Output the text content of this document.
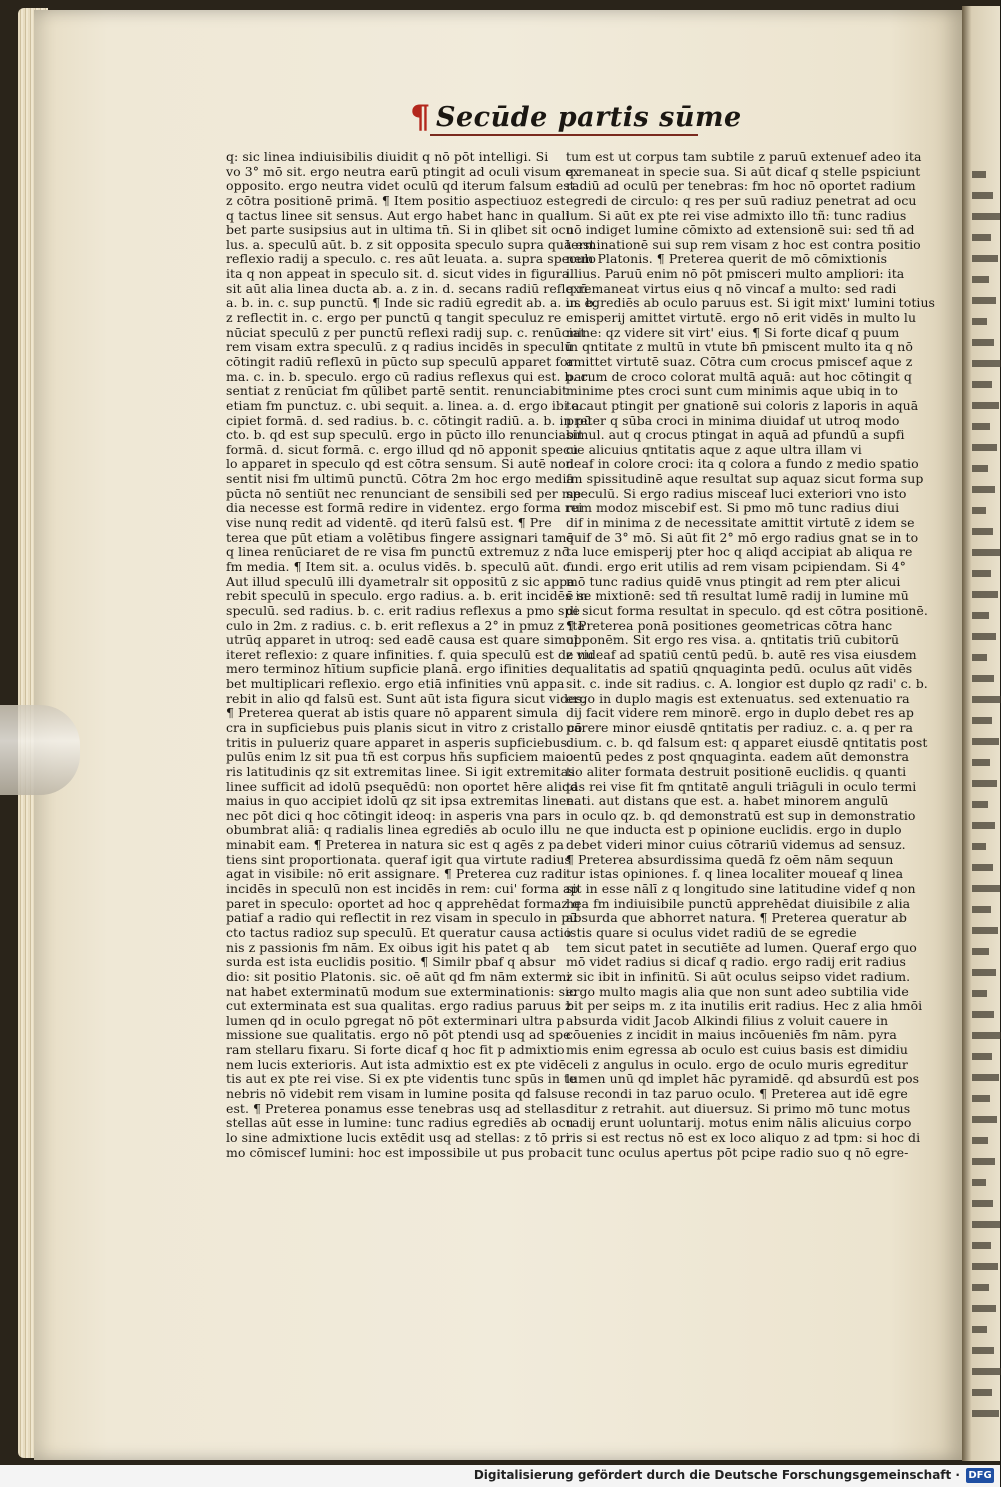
¶ Secūde partis sūme
q: sic linea indiuisibilis diuidit q nō pōt intelligi. Si
vo 3° mō sit. ergo neutra earū ptingit ad oculi visum ex
opposito. ergo neutra videt oculū qd iterum falsum est
z cōtra positionē primā. ¶ Item positio aspectiuoz est
q tactus linee sit sensus. Aut ergo habet hanc in quali
bet parte susipsius aut in ultima tn̄. Si in qlibet sit ocu
lus. a. speculū aūt. b. z sit opposita speculo supra quā est
reflexio radij a speculo. c. res aūt leuata. a. supra speculo
ita q non appeat in speculo sit. d. sicut vides in figura.
sit aūt alia linea ducta ab. a. z in. d. secans radiū reflexū
a. b. in. c. sup punctū. ¶ Inde sic radiū egredit ab. a. in. b.
z reflectit in. c. ergo per punctū q tangit speculuz re
nūciat speculū z per punctū reflexi radij sup. c. renūciat
rem visam extra speculū. z q radius incidēs in speculū
cōtingit radiū reflexū in pūcto sup speculū apparet for
ma. c. in. b. speculo. ergo cū radius reflexus qui est. b. c.
sentiat z renūciat fm qūlibet partē sentit. renunciabit
etiam fm punctuz. c. ubi sequit. a. linea. a. d. ergo ibi ac
cipiet formā. d. sed radius. b. c. cōtingit radiū. a. b. in pū
cto. b. qd est sup speculū. ergo in pūcto illo renunciabit
formā. d. sicut formā. c. ergo illud qd nō apponit specu
lo apparet in speculo qd est cōtra sensum. Si autē non
sentit nisi fm ultimū punctū. Cōtra 2m hoc ergo media
pūcta nō sentiūt nec renunciant de sensibili sed per me
dia necesse est formā redire in videntez. ergo forma rei
vise nunq redit ad videntē. qd iterū falsū est. ¶ Pre
terea que pūt etiam a volētibus fingere assignari tamē
q linea renūciaret de re visa fm punctū extremuz z nō
fm media. ¶ Item sit. a. oculus vidēs. b. speculū aūt. c.
Aut illud speculū illi dyametralr sit oppositū z sic appa
rebit speculū in speculo. ergo radius. a. b. erit incidēs in
speculū. sed radius. b. c. erit radius reflexus a pmo spe
culo in 2m. z radius. c. b. erit reflexus a 2° in pmuz z ita
utrūq apparet in utroq: sed eadē causa est quare simul
iteret reflexio: z quare infinities. f. quia speculū est de nu
mero terminoz hītium supficie planā. ergo ifinities de
bet multiplicari reflexio. ergo etiā infinities vnū appa
rebit in alio qd falsū est. Sunt aūt ista figura sicut vides.
¶ Preterea querat ab istis quare nō apparent simula
cra in supficiebus puis planis sicut in vitro z cristallo cō
tritis in pulueriz quare apparet in asperis supficiebus.
pulūs enim lz sit pua tñ est corpus hñs supficiem maio
ris latitudinis qz sit extremitas linee. Si igit extremitas
linee sufficit ad idolū psequēdū: non oportet hēre aliqd
maius in quo accipiet idolū qz sit ipsa extremitas linee.
nec pōt dici q hoc cōtingit ideoq: in asperis vna pars
obumbrat aliā: q radialis linea egrediēs ab oculo illu
minabit eam. ¶ Preterea in natura sic est q agēs z pa
tiens sint proportionata. queraf igit qua virtute radius
agat in visibile: nō erit assignare. ¶ Preterea cuz radi
incidēs in speculū non est incidēs in rem: cui' forma ap
paret in speculo: oportet ad hoc q apprehēdat formaz q
patiaf a radio qui reflectit in rez visam in speculo in pū
cto tactus radioz sup speculū. Et queratur causa actio
nis z passionis fm nām. Ex oibus igit his patet q ab
surda est ista euclidis positio. ¶ Similr pbaf q absur
dio: sit positio Platonis. sic. oē aūt qd fm nām extermi
nat habet exterminatū modum sue exterminationis: sic
cut exterminata est sua qualitas. ergo radius paruus z
lumen qd in oculo pgregat nō pōt exterminari ultra p
missione sue qualitatis. ergo nō pōt ptendi usq ad spe
ram stellaru fixaru. Si forte dicaf q hoc fit p admixtio
nem lucis exterioris. Aut ista admixtio est ex pte vidē
tis aut ex pte rei vise. Si ex pte videntis tunc spūs in te
nebris nō videbit rem visam in lumine posita qd falsu
est. ¶ Preterea ponamus esse tenebras usq ad stellas.
stellas aūt esse in lumine: tunc radius egrediēs ab ocu
lo sine admixtione lucis extēdit usq ad stellas: z tō pri
mo cōmiscef lumini: hoc est impossibile ut pus proba
tum est ut corpus tam subtile z paruū extenuef adeo ita
q remaneat in specie sua. Si aūt dicaf q stelle pspiciunt
radiū ad oculū per tenebras: fm hoc nō oportet radium
egredi de circulo: q res per suū radiuz penetrat ad ocu
lum. Si aūt ex pte rei vise admixto illo tñ: tunc radius
nō indiget lumine cōmixto ad extensionē sui: sed tñ ad
terminationē sui sup rem visam z hoc est contra positio
nem Platonis. ¶ Preterea querit de mō cōmixtionis
illius. Paruū enim nō pōt pmisceri multo ampliori: ita
q remaneat virtus eius q nō vincaf a multo: sed radi
us egrediēs ab oculo paruus est. Si igit mixt' lumini totius
emisperij amittet virtutē. ergo nō erit vidēs in multo lu
mine: qz videre sit virt' eius. ¶ Si forte dicaf q puum
in qntitate z multū in vtute bn̄ pmiscent multo ita q nō
amittet virtutē suaz. Cōtra cum crocus pmiscef aque z
parum de croco colorat multā aquā: aut hoc cōtingit q
minime ptes croci sunt cum minimis aque ubiq in to
to. aut ptingit per gnationē sui coloris z laporis in aquā
preter q sūba croci in minima diuidaf ut utroq modo
simul. aut q crocus ptingat in aquā ad pfundū a supfi
cie alicuius qntitatis aque z aque ultra illam vi
deaf in colore croci: ita q colora a fundo z medio spatio
fm spissitudinē aque resultat sup aquaz sicut forma sup
speculū. Si ergo radius misceaf luci exteriori vno isto
rum modoz miscebif est. Si pmo mō tunc radius diui
dif in minima z de necessitate amittit virtutē z idem se
quif de 3° mō. Si aūt fit 2° mō ergo radius gnat se in to
ta luce emisperij pter hoc q aliqd accipiat ab aliqua re
fundi. ergo erit utilis ad rem visam pcipiendam. Si 4°
mō tunc radius quidē vnus ptingit ad rem pter alicui
ē se mixtionē: sed tñ resultat lumē radij in lumine mū
di sicut forma resultat in speculo. qd est cōtra positionē.
¶ Preterea ponā positiones geometricas cōtra hanc
opponēm. Sit ergo res visa. a. qntitatis triū cubitorū
z videaf ad spatiū centū pedū. b. autē res visa eiusdem
qualitatis ad spatiū qnquaginta pedū. oculus aūt vidēs
sit. c. inde sit radius. c. A. longior est duplo qz radi' c. b.
ergo in duplo magis est extenuatus. sed extenuatio ra
dij facit videre rem minorē. ergo in duplo debet res ap
parere minor eiusdē qntitatis per radiuz. c. a. q per ra
dium. c. b. qd falsum est: q apparet eiusdē qntitatis post
centū pedes z post qnquaginta. eadem aūt demonstra
tio aliter formata destruit positionē euclidis. q quanti
tas rei vise fit fm qntitatē anguli triāguli in oculo termi
nati. aut distans que est. a. habet minorem angulū
in oculo qz. b. qd demonstratū est sup in demonstratio
ne que inducta est p opinione euclidis. ergo in duplo
debet videri minor cuius cōtrariū videmus ad sensuz.
¶ Preterea absurdissima quedā fz oēm nām sequun
tur istas opiniones. f. q linea localiter moueaf q linea
sit in esse nālī z q longitudo sine latitudine videf q non
hea fm indiuisibile punctū apprehēdat diuisibile z alia
absurda que abhorret natura. ¶ Preterea queratur ab
istis quare si oculus videt radiū de se egredie
tem sicut patet in secutiēte ad lumen. Queraf ergo quo
mō videt radius si dicaf q radio. ergo radij erit radius
z sic ibit in infinitū. Si aūt oculus seipso videt radium.
ergo multo magis alia que non sunt adeo subtilia vide
bit per seips m. z ita inutilis erit radius. Hec z alia hmōi
absurda vidit Jacob Alkindi filius z voluit cauere in
cōuenies z incidit in maius incōueniēs fm nām. pyra
mis enim egressa ab oculo est cuius basis est dimidiu
celi z angulus in oculo. ergo de oculo muris egreditur
lumen unū qd implet hāc pyramidē. qd absurdū est pos
se recondi in taz paruo oculo. ¶ Preterea aut idē egre
ditur z retrahit. aut diuersuz. Si primo mō tunc motus
radij erunt uoluntarij. motus enim nālis alicuius corpo
ris si est rectus nō est ex loco aliquo z ad tpm: si hoc di
cit tunc oculus apertus pōt pcipe radio suo q nō egre-
Digitalisierung gefördert durch die Deutsche Forschungsgemeinschaft · DFG
